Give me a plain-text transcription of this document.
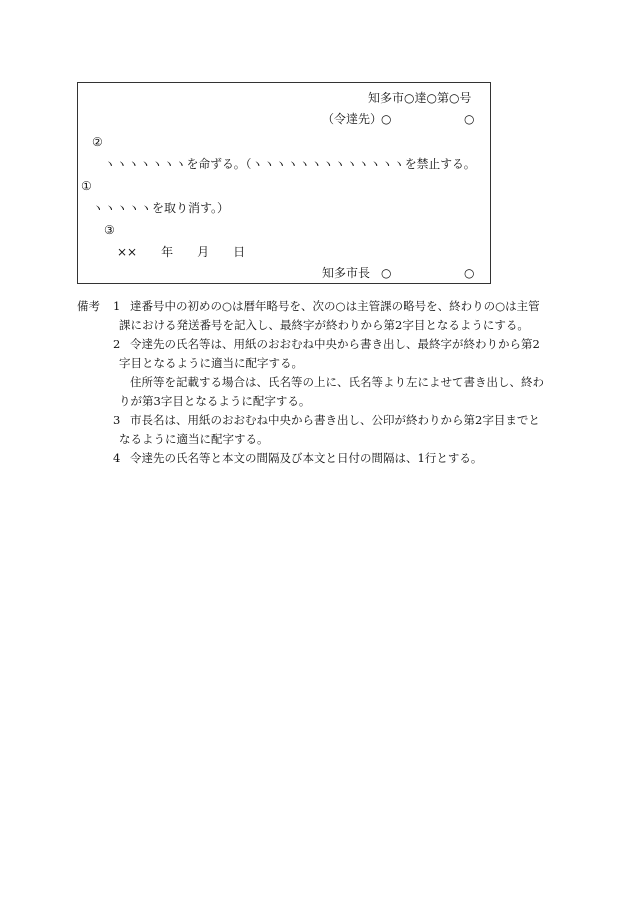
知多市○達○第○号
（令達先）
○	○
②
ヽヽヽヽヽヽヽを命ずる。（ヽヽヽヽヽヽヽヽヽヽヽヽヽを禁止する。
①
ヽヽヽヽヽを取り消す。）
③
××　　年　　月　　日
知多市長 ○	○
備考 1 達番号中の初めの○は暦年略号を、次の○は主管課の略号を、終わりの○は主管
課における発送番号を記入し、最終字が終わりから第2字目となるようにする。
2 令達先の氏名等は、用紙のおおむね中央から書き出し、最終字が終わりから第2
字目となるように適当に配字する。
住所等を記載する場合は、氏名等の上に、氏名等より左によせて書き出し、終わ
りが第3字目となるように配字する。
3 市長名は、用紙のおおむね中央から書き出し、公印が終わりから第2字目までと
なるように適当に配字する。
4 令達先の氏名等と本文の間隔及び本文と日付の間隔は、1行とする。
